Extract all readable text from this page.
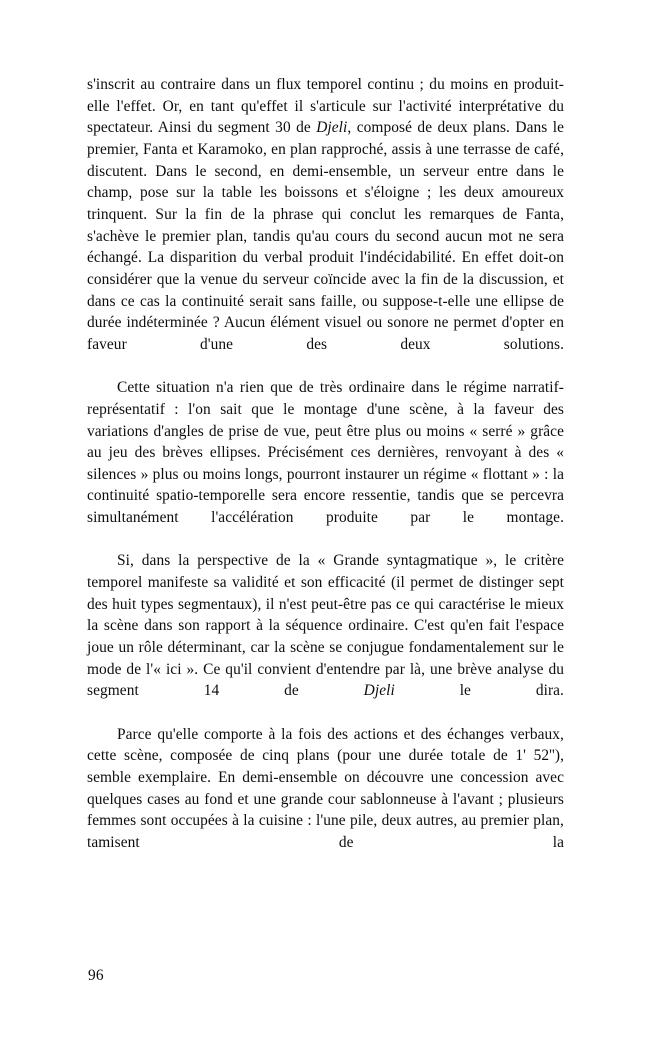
s'inscrit au contraire dans un flux temporel continu ; du moins en produit-elle l'effet. Or, en tant qu'effet il s'articule sur l'activité interprétative du spectateur. Ainsi du segment 30 de Djeli, composé de deux plans. Dans le premier, Fanta et Karamoko, en plan rapproché, assis à une terrasse de café, discutent. Dans le second, en demi-ensemble, un serveur entre dans le champ, pose sur la table les boissons et s'éloigne ; les deux amoureux trinquent. Sur la fin de la phrase qui conclut les remarques de Fanta, s'achève le premier plan, tandis qu'au cours du second aucun mot ne sera échangé. La disparition du verbal produit l'indécidabilité. En effet doit-on considérer que la venue du serveur coïncide avec la fin de la discussion, et dans ce cas la continuité serait sans faille, ou suppose-t-elle une ellipse de durée indéterminée ? Aucun élément visuel ou sonore ne permet d'opter en faveur d'une des deux solutions.

Cette situation n'a rien que de très ordinaire dans le régime narratif-représentatif : l'on sait que le montage d'une scène, à la faveur des variations d'angles de prise de vue, peut être plus ou moins « serré » grâce au jeu des brèves ellipses. Précisément ces dernières, renvoyant à des « silences » plus ou moins longs, pourront instaurer un régime « flottant » : la continuité spatio-temporelle sera encore ressentie, tandis que se percevra simultanément l'accélération produite par le montage.

Si, dans la perspective de la « Grande syntagmatique », le critère temporel manifeste sa validité et son efficacité (il permet de distinger sept des huit types segmentaux), il n'est peut-être pas ce qui caractérise le mieux la scène dans son rapport à la séquence ordinaire. C'est qu'en fait l'espace joue un rôle déterminant, car la scène se conjugue fondamentalement sur le mode de l'« ici ». Ce qu'il convient d'entendre par là, une brève analyse du segment 14 de Djeli le dira.

Parce qu'elle comporte à la fois des actions et des échanges verbaux, cette scène, composée de cinq plans (pour une durée totale de 1' 52''), semble exemplaire. En demi-ensemble on découvre une concession avec quelques cases au fond et une grande cour sablonneuse à l'avant ; plusieurs femmes sont occupées à la cuisine : l'une pile, deux autres, au premier plan, tamisent de la

96
